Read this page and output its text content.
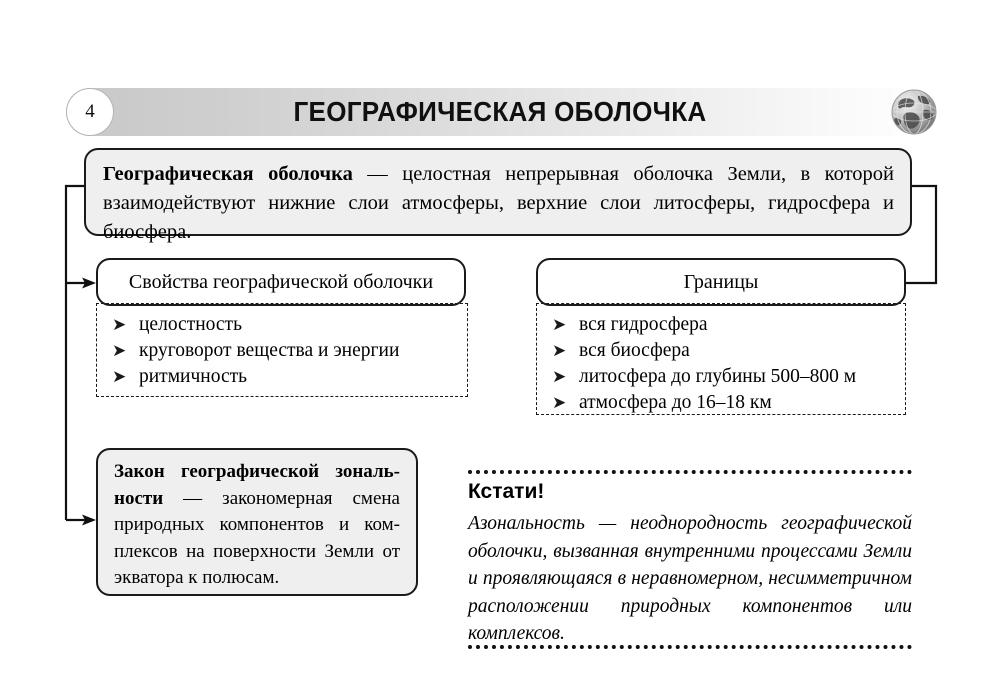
4	ГЕОГРАФИЧЕСКАЯ ОБОЛОЧКА
Географическая оболочка — целостная непрерывная оболочка Земли, в которой взаимодействуют нижние слои атмосферы, верхние слои литосферы, гидросфера и биосфера.
Свойства географической оболочки
➤ целостность
➤ круговорот вещества и энергии
➤ ритмичность
Границы
➤ вся гидросфера
➤ вся биосфера
➤ литосфера до глубины 500–800 м
➤ атмосфера до 16–18 км
Закон географической зональности — закономерная смена природных компонентов и комплексов на поверхности Земли от экватора к полюсам.
Кстати!
Азональность — неоднородность географической оболочки, вызванная внутренними процессами Земли и проявляющаяся в неравномерном, несимметричном расположении природных компонентов или комплексов.
